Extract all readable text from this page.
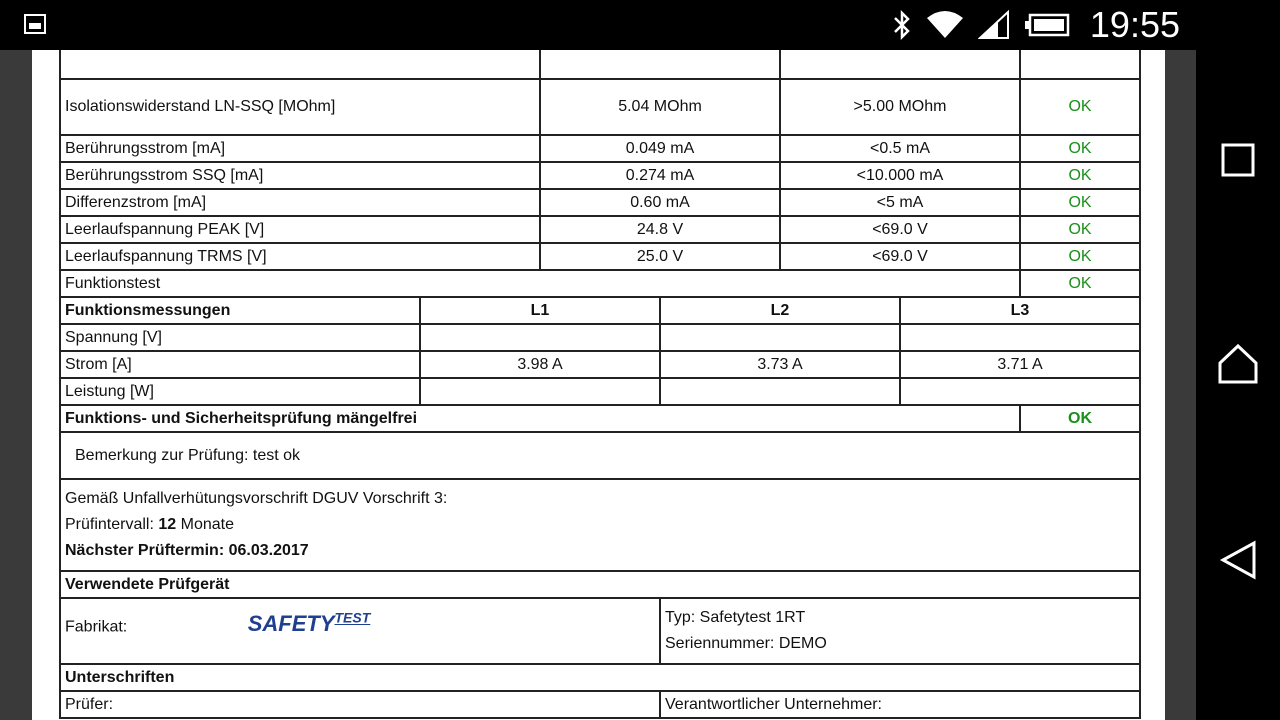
19:55

Isolationswiderstand LN-SSQ [MOhm]		5.04 MOhm		>5.00 MOhm		OK
Berührungsstrom [mA]		0.049 mA		<0.5 mA		OK
Berührungsstrom SSQ [mA]		0.274 mA		<10.000 mA		OK
Differenzstrom [mA]		0.60 mA		<5 mA		OK
Leerlaufspannung PEAK [V]		24.8 V		<69.0 V		OK
Leerlaufspannung TRMS [V]		25.0 V		<69.0 V		OK
Funktionstest						OK
Funktionsmessungen	L1		L2		L3	
Spannung [V]						
Strom [A]	3.98 A		3.73 A		3.71 A	
Leistung [W]						
Funktions- und Sicherheitsprüfung mängelfrei						OK
Bemerkung zur Prüfung: test ok						

Gemäß Unfallverhütungsvorschrift DGUV Vorschrift 3:
Prüfintervall: 12 Monate
Nächster Prüftermin: 06.03.2017						

Verwendete Prüfgerät						
Fabrikat: $SAFETY^{TEST}$			Typ: Safetytest 1RT
Seriennummer: DEMO			

Unterschriften						
Prüfer:			Verantwortlicher Unternehmer:			
